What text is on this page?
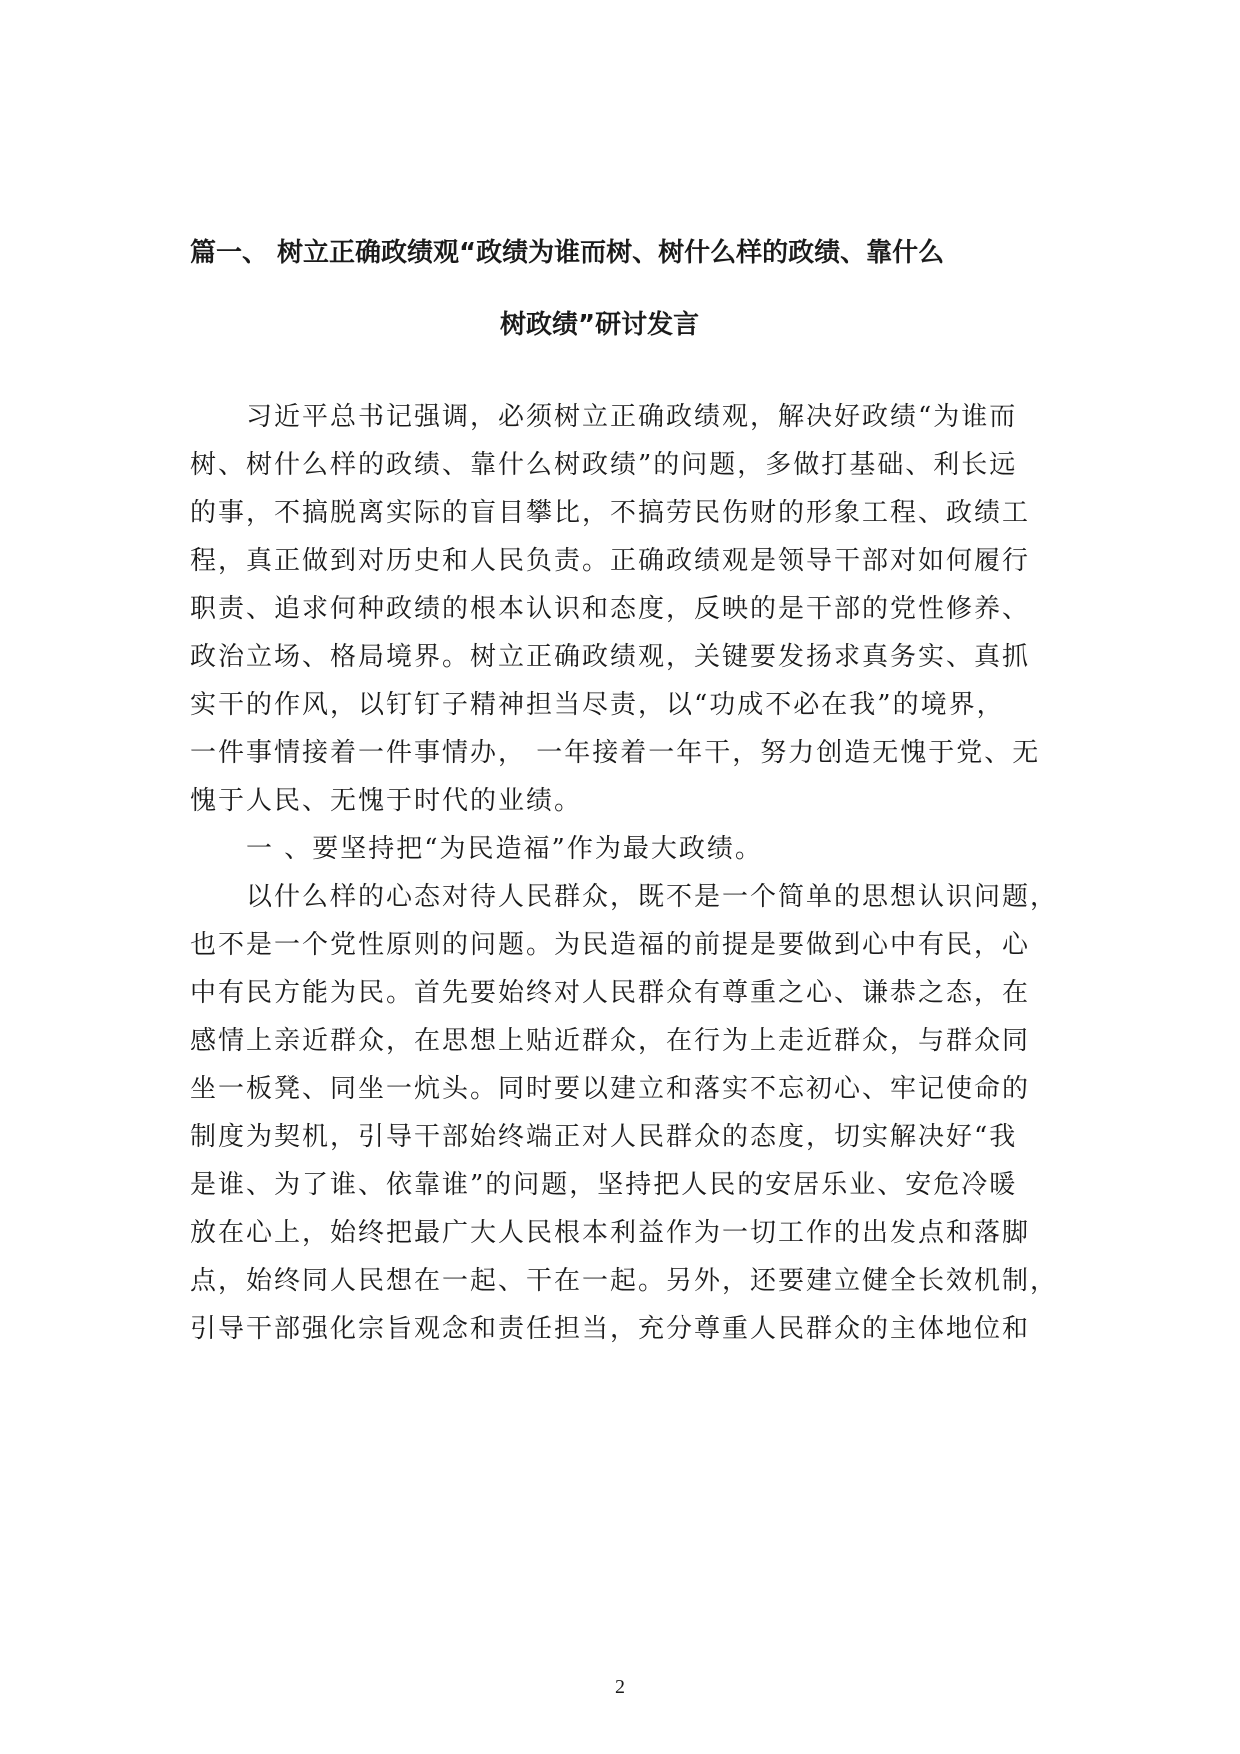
篇一、 树立正确政绩观“政绩为谁而树、树什么样的政绩、靠什么
树政绩”研讨发言
　　习近平总书记强调，必须树立正确政绩观，解决好政绩“为谁而
树、树什么样的政绩、靠什么树政绩”的问题，多做打基础、利长远
的事，不搞脱离实际的盲目攀比，不搞劳民伤财的形象工程、政绩工
程，真正做到对历史和人民负责。正确政绩观是领导干部对如何履行
职责、追求何种政绩的根本认识和态度，反映的是干部的党性修养、
政治立场、格局境界。树立正确政绩观，关键要发扬求真务实、真抓
实干的作风，以钉钉子精神担当尽责，以“功成不必在我”的境界，
一件事情接着一件事情办， 一年接着一年干，努力创造无愧于党、无
愧于人民、无愧于时代的业绩。
　　一 、要坚持把“为民造福”作为最大政绩。
　　以什么样的心态对待人民群众，既不是一个简单的思想认识问题，
也不是一个党性原则的问题。为民造福的前提是要做到心中有民，心
中有民方能为民。首先要始终对人民群众有尊重之心、谦恭之态，在
感情上亲近群众，在思想上贴近群众，在行为上走近群众，与群众同
坐一板凳、同坐一炕头。同时要以建立和落实不忘初心、牢记使命的
制度为契机，引导干部始终端正对人民群众的态度，切实解决好“我
是谁、为了谁、依靠谁”的问题，坚持把人民的安居乐业、安危冷暖
放在心上，始终把最广大人民根本利益作为一切工作的出发点和落脚
点，始终同人民想在一起、干在一起。另外，还要建立健全长效机制，
引导干部强化宗旨观念和责任担当，充分尊重人民群众的主体地位和
2
